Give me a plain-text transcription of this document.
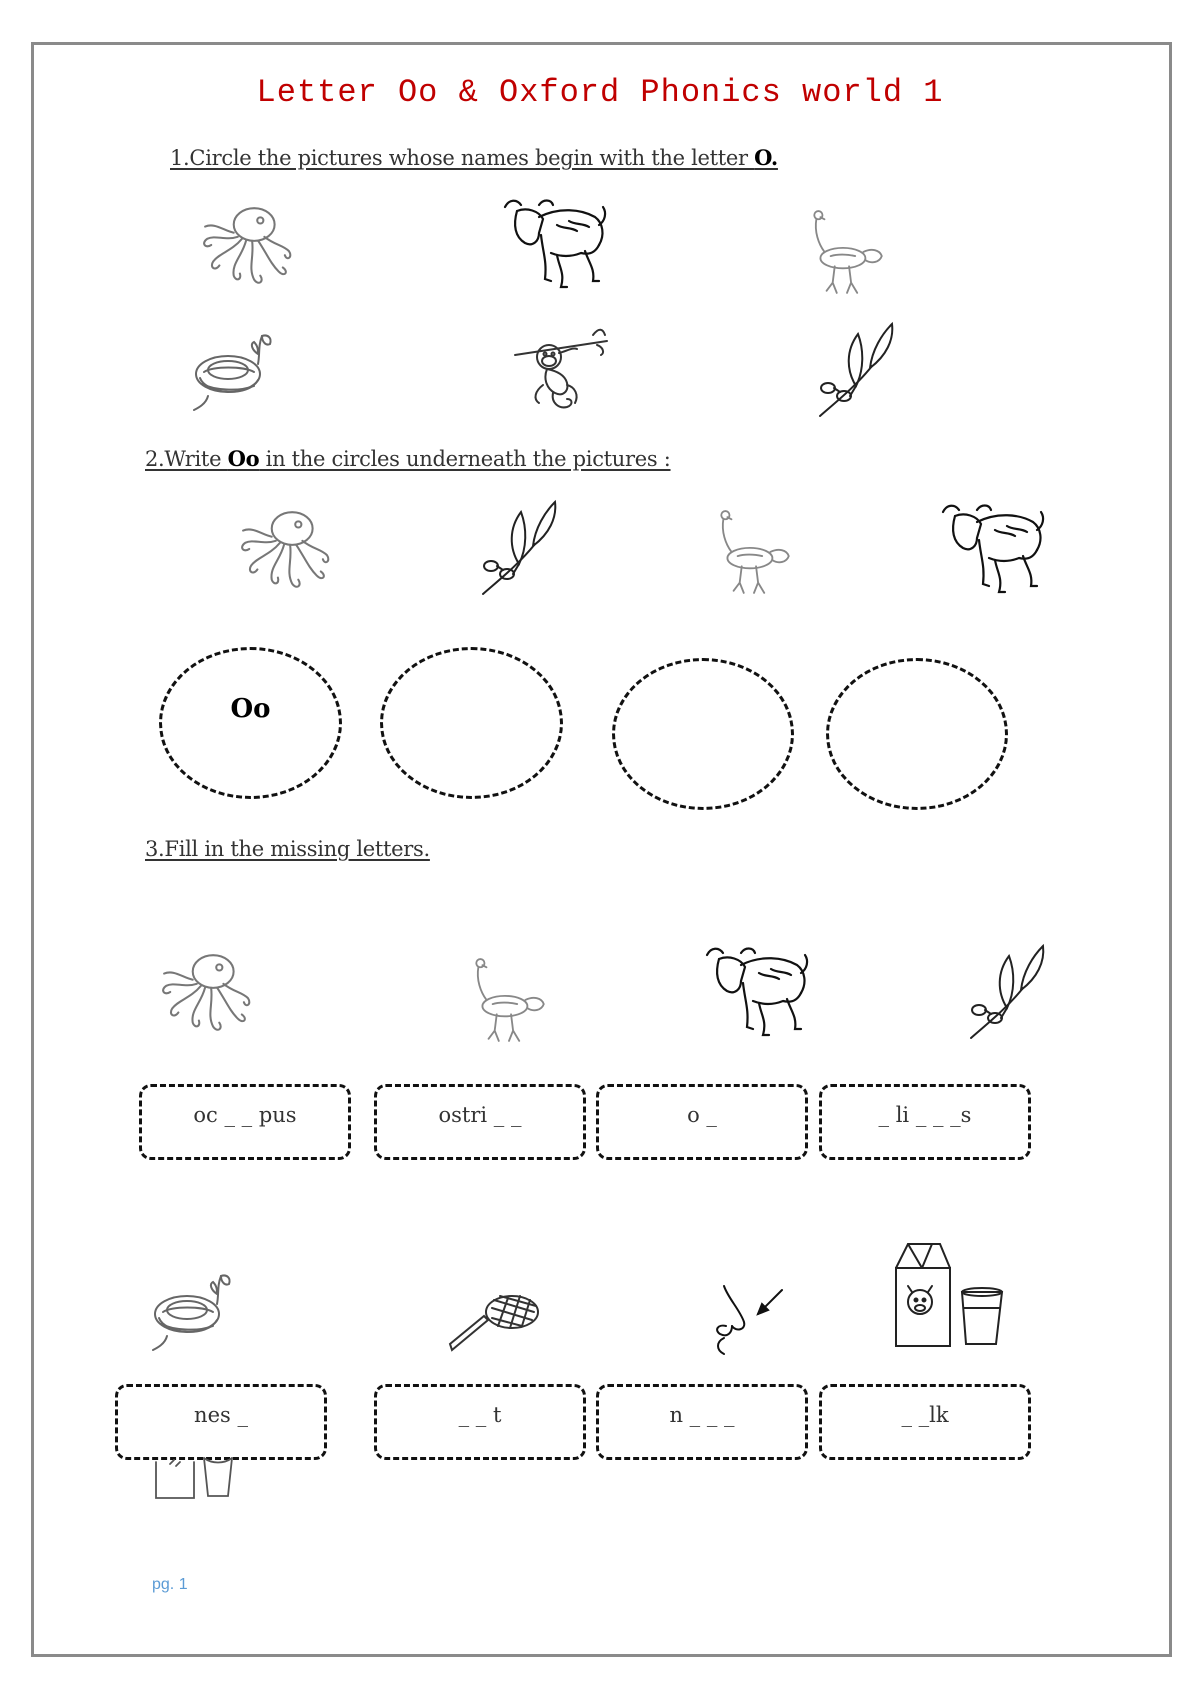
Letter Oo & Oxford Phonics world 1
1.Circle the pictures whose names begin with the letter O.
2.Write Oo in the circles underneath the pictures :
Oo
3.Fill in the missing letters.
oc _ _ pus	ostri _ _	o _	_ li _ _ _s
nes _	_ _ t	n _ _ _	_ _lk
pg. 1
